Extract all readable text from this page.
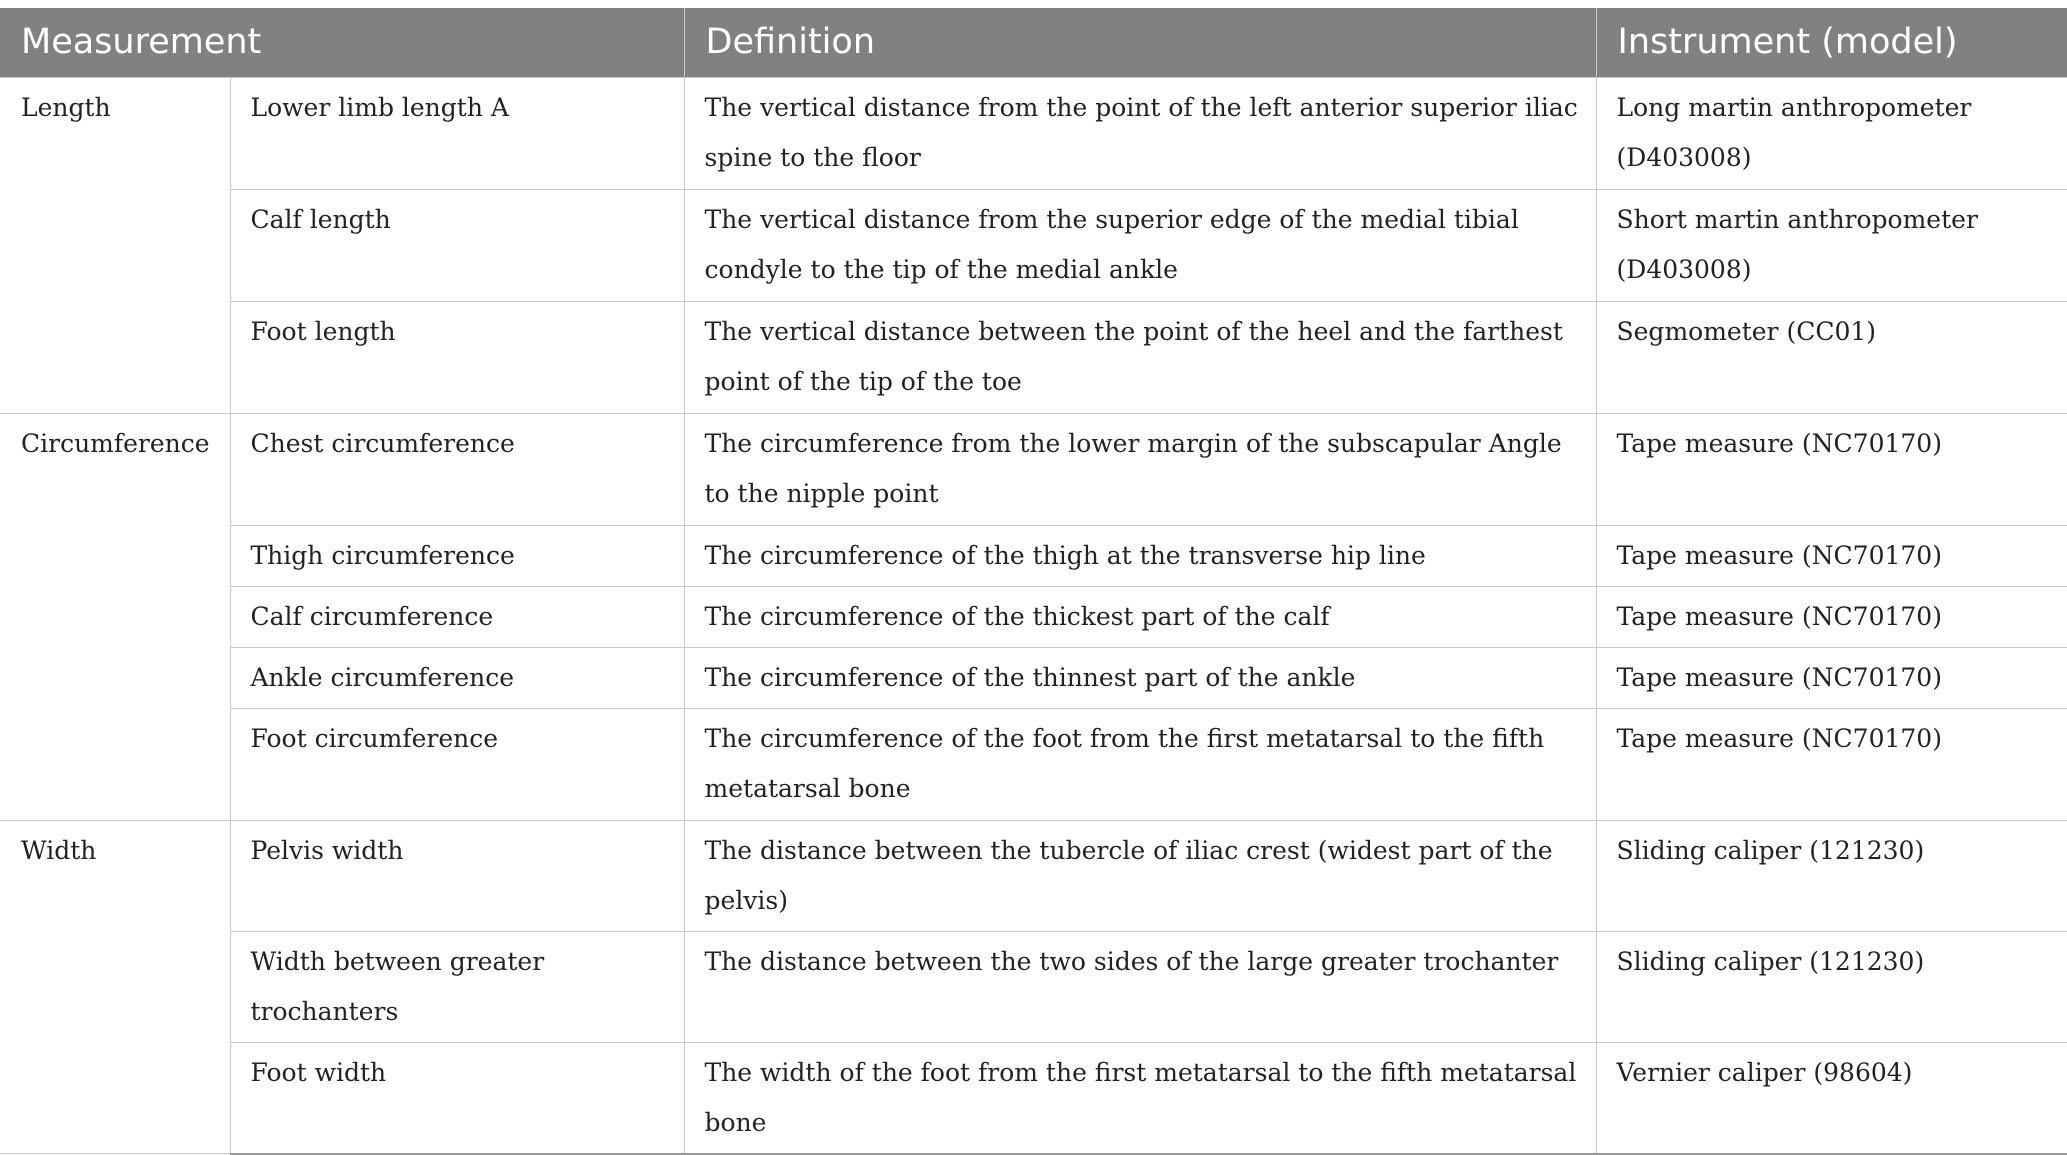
Measurement		Definition	Instrument (model)
Length	Lower limb length A	The vertical distance from the point of the left anterior superior iliac spine to the floor	Long martin anthropometer (D403008)
	Calf length	The vertical distance from the superior edge of the medial tibial condyle to the tip of the medial ankle	Short martin anthropometer (D403008)
	Foot length	The vertical distance between the point of the heel and the farthest point of the tip of the toe	Segmometer (CC01)
Circumference	Chest circumference	The circumference from the lower margin of the subscapular Angle to the nipple point	Tape measure (NC70170)
	Thigh circumference	The circumference of the thigh at the transverse hip line	Tape measure (NC70170)
	Calf circumference	The circumference of the thickest part of the calf	Tape measure (NC70170)
	Ankle circumference	The circumference of the thinnest part of the ankle	Tape measure (NC70170)
	Foot circumference	The circumference of the foot from the first metatarsal to the fifth metatarsal bone	Tape measure (NC70170)
Width	Pelvis width	The distance between the tubercle of iliac crest (widest part of the pelvis)	Sliding caliper (121230)
	Width between greater trochanters	The distance between the two sides of the large greater trochanter	Sliding caliper (121230)
	Foot width	The width of the foot from the first metatarsal to the fifth metatarsal bone	Vernier caliper (98604)
